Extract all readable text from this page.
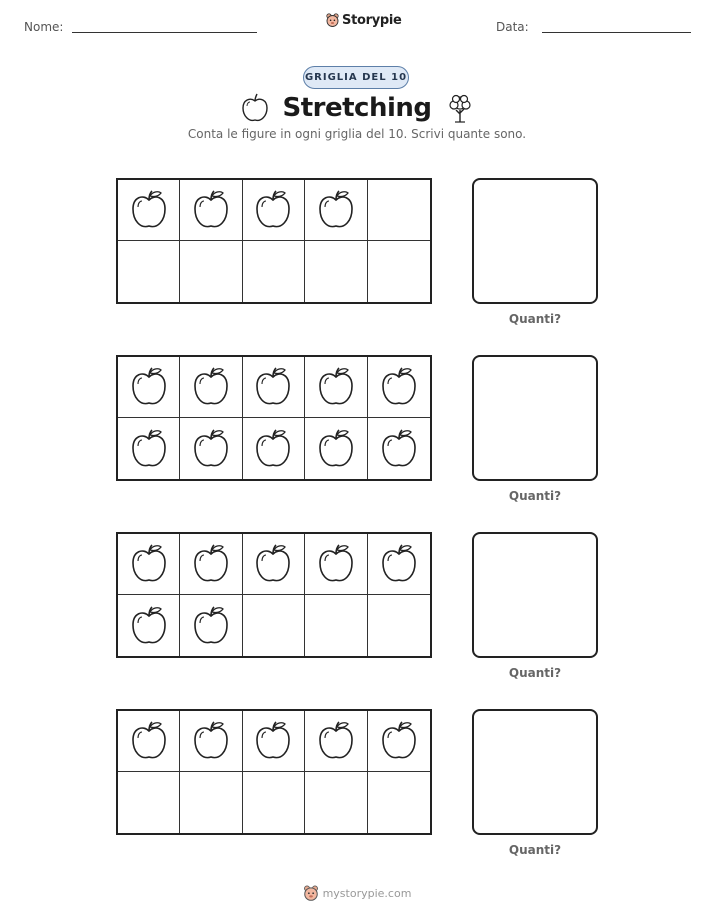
Nome:	Storypie	Data:
GRIGLIA DEL 10
Stretching
Conta le figure in ogni griglia del 10. Scrivi quante sono.
Quanti?
Quanti?
Quanti?
Quanti?
mystorypie.com
